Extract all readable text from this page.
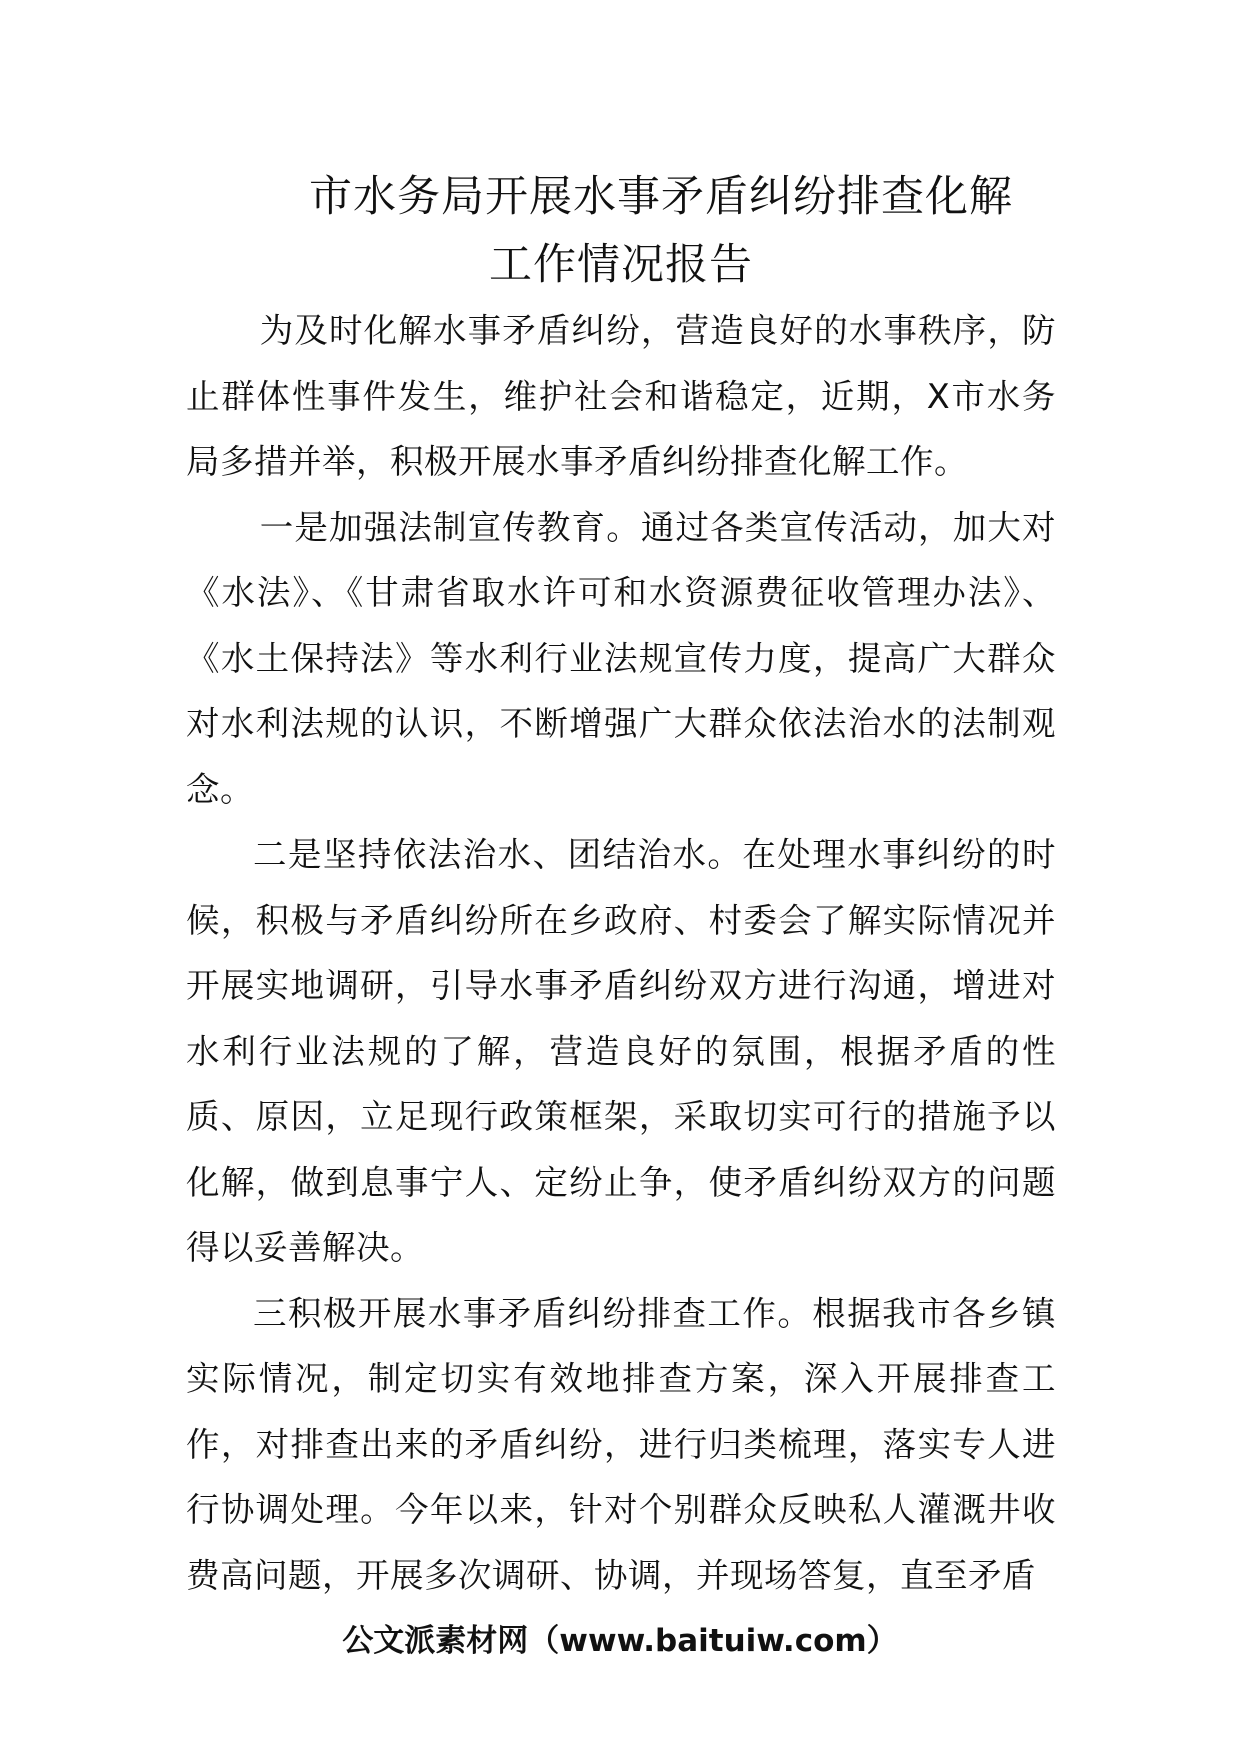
市水务局开展水事矛盾纠纷排查化解
工作情况报告

为及时化解水事矛盾纠纷，营造良好的水事秩序，防止群体性事件发生，维护社会和谐稳定，近期，X市水务局多措并举，积极开展水事矛盾纠纷排查化解工作。

一是加强法制宣传教育。通过各类宣传活动，加大对《水法》、《甘肃省取水许可和水资源费征收管理办法》、《水土保持法》等水利行业法规宣传力度，提高广大群众对水利法规的认识，不断增强广大群众依法治水的法制观念。

二是坚持依法治水、团结治水。在处理水事纠纷的时候，积极与矛盾纠纷所在乡政府、村委会了解实际情况并开展实地调研，引导水事矛盾纠纷双方进行沟通，增进对水利行业法规的了解，营造良好的氛围，根据矛盾的性质、原因，立足现行政策框架，采取切实可行的措施予以化解，做到息事宁人、定纷止争，使矛盾纠纷双方的问题得以妥善解决。

三积极开展水事矛盾纠纷排查工作。根据我市各乡镇实际情况，制定切实有效地排查方案，深入开展排查工作，对排查出来的矛盾纠纷，进行归类梳理，落实专人进行协调处理。今年以来，针对个别群众反映私人灌溉井收费高问题，开展多次调研、协调，并现场答复，直至矛盾

公文派素材网（www.baituiw.com）
